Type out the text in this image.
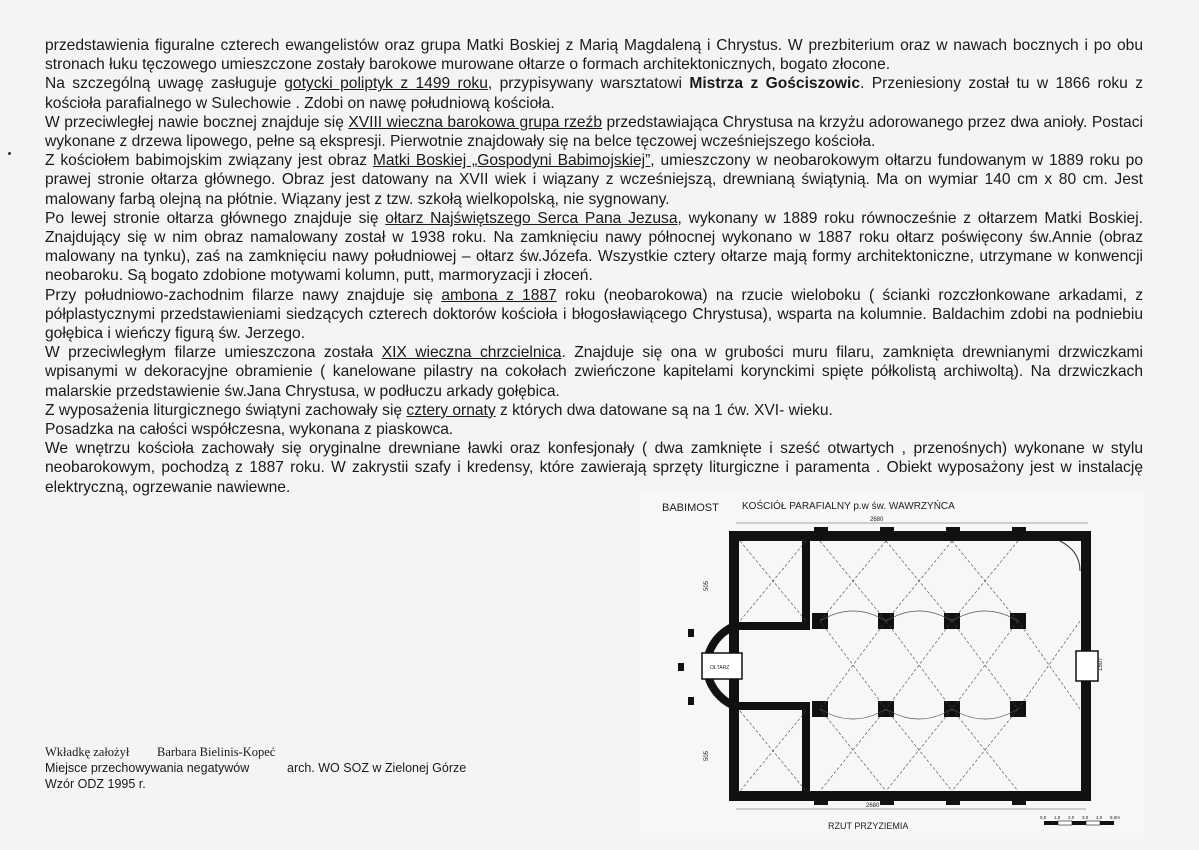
przedstawienia figuralne czterech ewangelistów oraz grupa Matki Boskiej z Marią Magdaleną i Chrystus. W prezbiterium oraz w nawach bocznych i po obu stronach łuku tęczowego umieszczone zostały barokowe murowane ołtarze o formach architektonicznych, bogato złocone.

Na szczególną uwagę zasługuje gotycki poliptyk z 1499 roku, przypisywany warsztatowi Mistrza z Gościszowic. Przeniesiony został tu w 1866 roku z kościoła parafialnego w Sulechowie . Zdobi on nawę południową kościoła.

W przeciwległej nawie bocznej znajduje się XVIII wieczna barokowa grupa rzeźb przedstawiająca Chrystusa na krzyżu adorowanego przez dwa anioły. Postaci wykonane z drzewa lipowego, pełne są ekspresji. Pierwotnie znajdowały się na belce tęczowej wcześniejszego kościoła.

Z kościołem babimojskim związany jest obraz Matki Boskiej „Gospodyni Babimojskiej”, umieszczony w neobarokowym ołtarzu fundowanym w 1889 roku po prawej stronie ołtarza głównego. Obraz jest datowany na XVII wiek i wiązany z wcześniejszą, drewnianą świątynią. Ma on wymiar 140 cm x 80 cm. Jest malowany farbą olejną na płótnie. Wiązany jest z tzw. szkołą wielkopolską, nie sygnowany.

Po lewej stronie ołtarza głównego znajduje się ołtarz Najświętszego Serca Pana Jezusa, wykonany w 1889 roku równocześnie z ołtarzem Matki Boskiej. Znajdujący się w nim obraz namalowany został w 1938 roku. Na zamknięciu nawy północnej wykonano w 1887 roku ołtarz poświęcony św.Annie (obraz malowany na tynku), zaś na zamknięciu nawy południowej – ołtarz św.Józefa. Wszystkie cztery ołtarze mają formy architektoniczne, utrzymane w konwencji neobaroku. Są bogato zdobione motywami kolumn, putt, marmoryzacji i złoceń.

Przy południowo-zachodnim filarze nawy znajduje się ambona z 1887 roku (neobarokowa) na rzucie wieloboku ( ścianki rozczłonkowane arkadami, z półplastycznymi przedstawieniami siedzących czterech doktorów kościoła i błogosławiącego Chrystusa), wsparta na kolumnie. Baldachim zdobi na podniebiu gołębica i wieńczy figurą św. Jerzego.

W przeciwległym filarze umieszczona została XIX wieczna chrzcielnica. Znajduje się ona w grubości muru filaru, zamknięta drewnianymi drzwiczkami wpisanymi w dekoracyjne obramienie ( kanelowane pilastry na cokołach zwieńczone kapitelami korynckimi spięte półkolistą archiwoltą). Na drzwiczkach malarskie przedstawienie św.Jana Chrystusa, w podłuczu arkady gołębica.

Z wyposażenia liturgicznego świątyni zachowały się cztery ornaty z których dwa datowane są na 1 ćw. XVI- wieku.

Posadzka na całości współczesna, wykonana z piaskowca.

We wnętrzu kościoła zachowały się oryginalne drewniane ławki oraz konfesjonały ( dwa zamknięte i sześć otwartych , przenośnych) wykonane w stylu neobarokowym, pochodzą z 1887 roku. W zakrystii szafy i kredensy, które zawierają sprzęty liturgiczne i paramenta . Obiekt wyposażony jest w instalację elektryczną, ogrzewanie nawiewne.

Wkładkę założył	Barbara Bielinis-Kopeć
Miejsce przechowywania negatywów	arch. WO SOZ w Zielonej Górze
Wzór ODZ 1995 r.
BABIMOST KOŚCIÓŁ PARAFIALNY p.w św. WAWRZYŃCA
2680
OŁTARZ	1507
505
505
2680
RZUT PRZYZIEMIA
0,0 1,0 2,0 3,0 4,0 5,0m
